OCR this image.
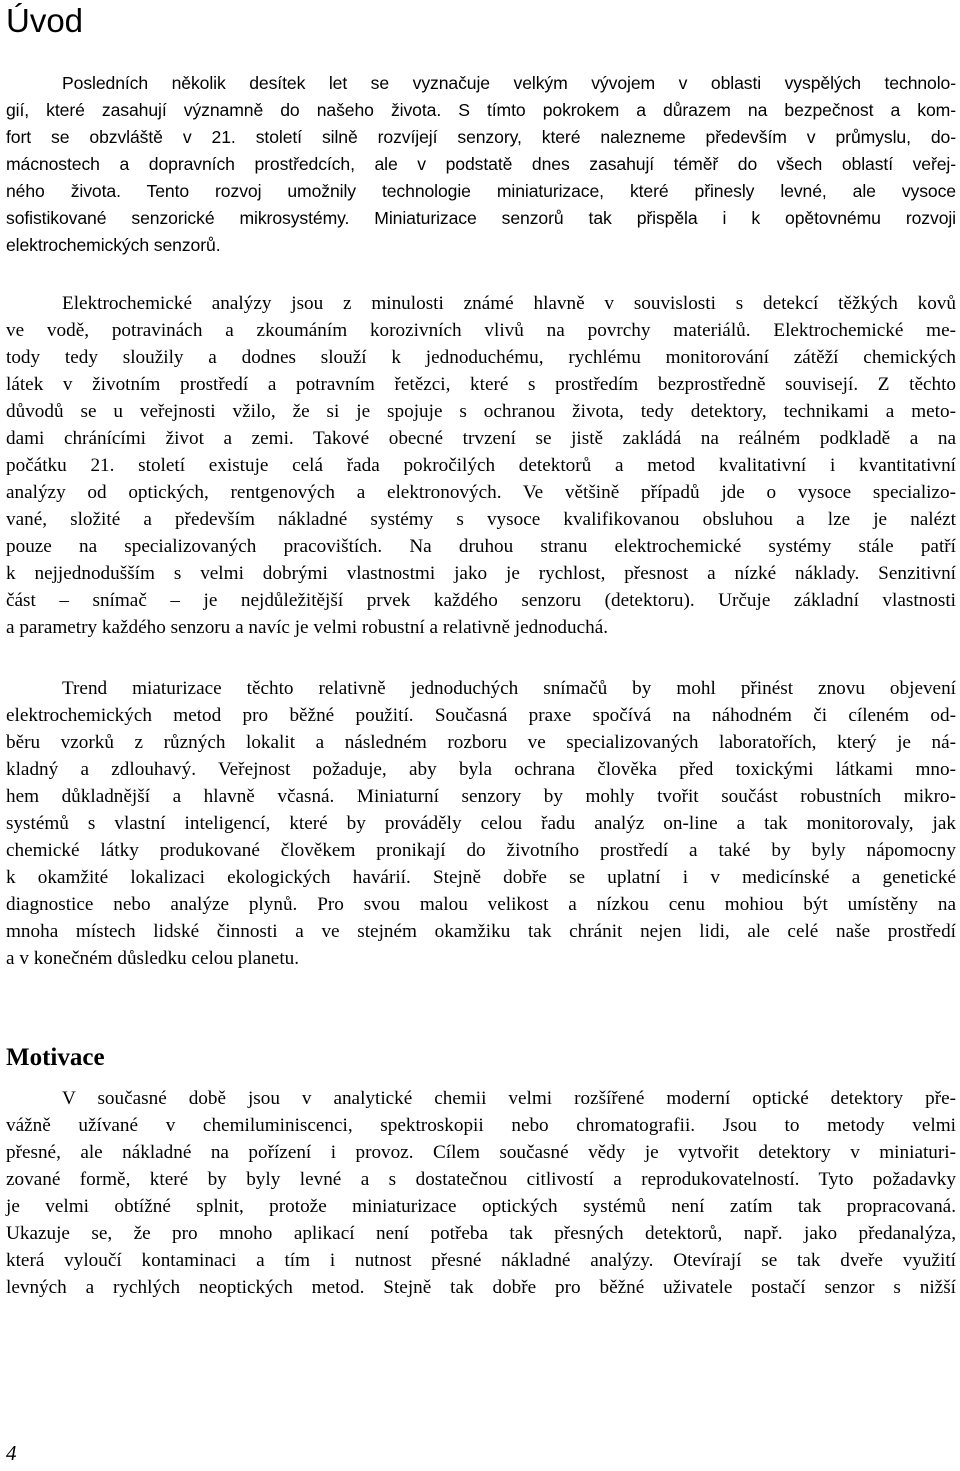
Úvod
Posledních několik desítek let se vyznačuje velkým vývojem v oblasti vyspělých technolo-
gií, které zasahují významně do našeho života. S tímto pokrokem a důrazem na bezpečnost a kom-
fort se obzvláště v 21. století silně rozvíjejí senzory, které nalezneme především v průmyslu, do-
mácnostech a dopravních prostředcích, ale v podstatě dnes zasahují téměř do všech oblastí veřej-
ného života. Tento rozvoj umožnily technologie miniaturizace, které přinesly levné, ale vysoce
sofistikované senzorické mikrosystémy. Miniaturizace senzorů tak přispěla i k opětovnému rozvoji
elektrochemických senzorů.
Elektrochemické analýzy jsou z minulosti známé hlavně v souvislosti s detekcí těžkých kovů
ve vodě, potravinách a zkoumáním korozivních vlivů na povrchy materiálů. Elektrochemické me-
tody tedy sloužily a dodnes slouží k jednoduchému, rychlému monitorování zátěží chemických
látek v životním prostředí a potravním řetězci, které s prostředím bezprostředně souvisejí. Z těchto
důvodů se u veřejnosti vžilo, že si je spojuje s ochranou života, tedy detektory, technikami a meto-
dami chránícími život a zemi. Takové obecné trvzení se jistě zakládá na reálném podkladě a na
počátku 21. století existuje celá řada pokročilých detektorů a metod kvalitativní i kvantitativní
analýzy od optických, rentgenových a elektronových. Ve většině případů jde o vysoce specializo-
vané, složité a především nákladné systémy s vysoce kvalifikovanou obsluhou a lze je nalézt
pouze na specializovaných pracovištích. Na druhou stranu elektrochemické systémy stále patří
k nejjednodušším s velmi dobrými vlastnostmi jako je rychlost, přesnost a nízké náklady. Senzitivní
část – snímač – je nejdůležitější prvek každého senzoru (detektoru). Určuje základní vlastnosti
a parametry každého senzoru a navíc je velmi robustní a relativně jednoduchá.
Trend miaturizace těchto relativně jednoduchých snímačů by mohl přinést znovu objevení
elektrochemických metod pro běžné použití. Současná praxe spočívá na náhodném či cíleném od-
běru vzorků z různých lokalit a následném rozboru ve specializovaných laboratořích, který je ná-
kladný a zdlouhavý. Veřejnost požaduje, aby byla ochrana člověka před toxickými látkami mno-
hem důkladnější a hlavně včasná. Miniaturní senzory by mohly tvořit součást robustních mikro-
systémů s vlastní inteligencí, které by prováděly celou řadu analýz on-line a tak monitorovaly, jak
chemické látky produkované člověkem pronikají do životního prostředí a také by byly nápomocny
k okamžité lokalizaci ekologických havárií. Stejně dobře se uplatní i v medicínské a genetické
diagnostice nebo analýze plynů. Pro svou malou velikost a nízkou cenu mohiou být umístěny na
mnoha místech lidské činnosti a ve stejném okamžiku tak chránit nejen lidi, ale celé naše prostředí
a v konečném důsledku celou planetu.
Motivace
V současné době jsou v analytické chemii velmi rozšířené moderní optické detektory pře-
vážně užívané v chemiluminiscenci, spektroskopii nebo chromatografii. Jsou to metody velmi
přesné, ale nákladné na pořízení i provoz. Cílem současné vědy je vytvořit detektory v miniaturi-
zované formě, které by byly levné a s dostatečnou citlivostí a reprodukovatelností. Tyto požadavky
je velmi obtížné splnit, protože miniaturizace optických systémů není zatím tak propracovaná.
Ukazuje se, že pro mnoho aplikací není potřeba tak přesných detektorů, např. jako předanalýza,
která vyloučí kontaminaci a tím i nutnost přesné nákladné analýzy. Otevírají se tak dveře využití
levných a rychlých neoptických metod. Stejně tak dobře pro běžné uživatele postačí senzor s nižší
4
